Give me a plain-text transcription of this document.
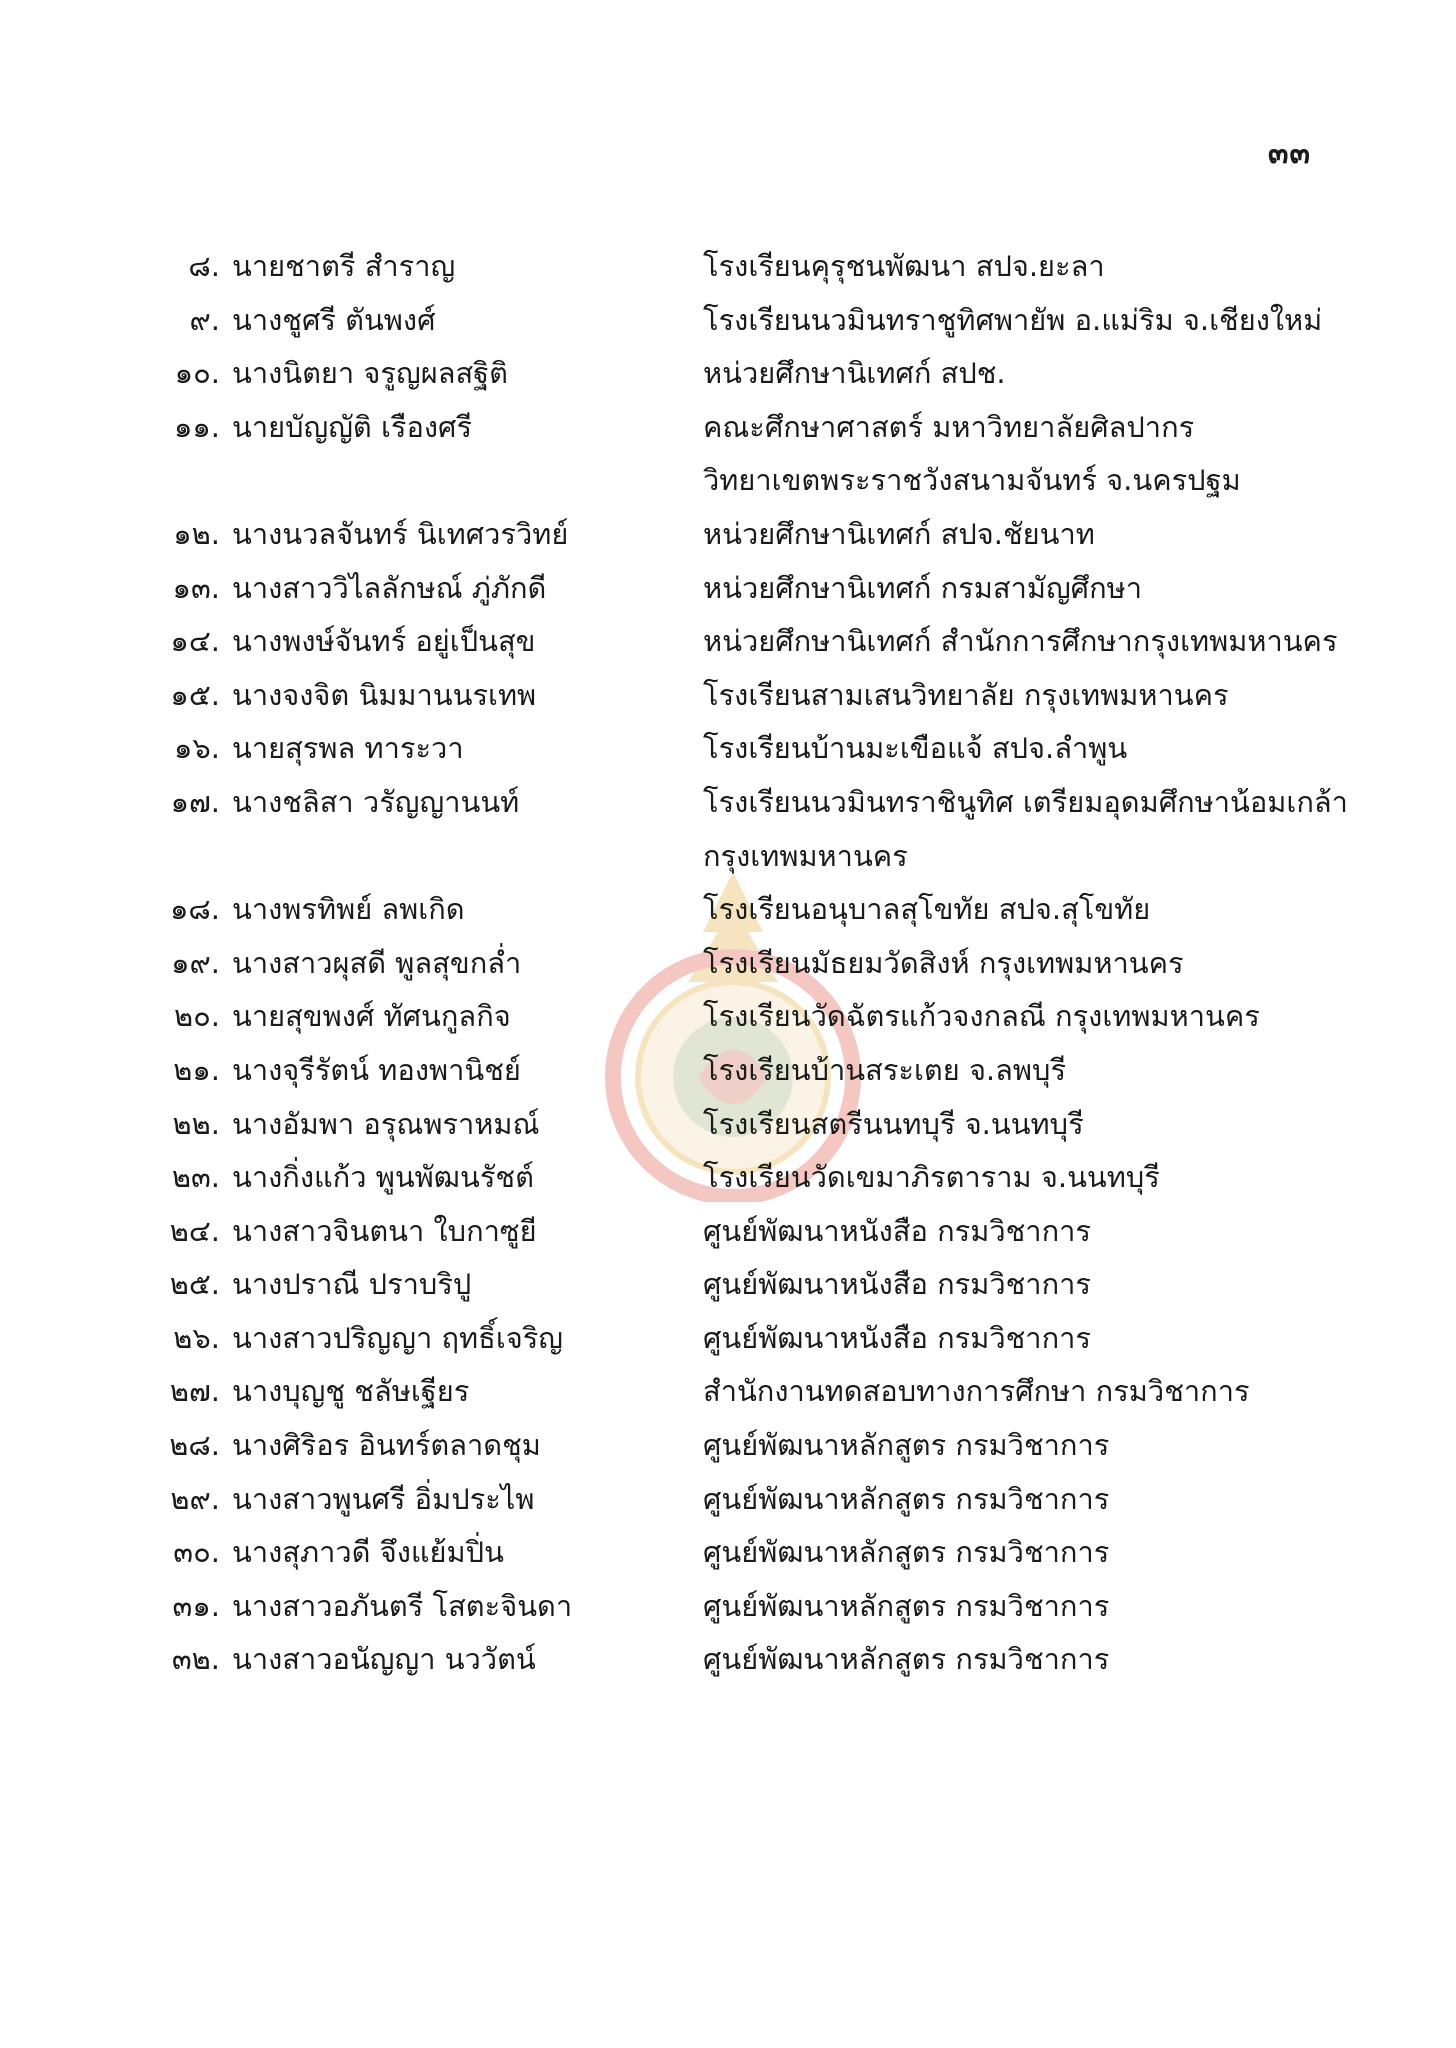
๓๓
๘. นายชาตรี สำราญ	โรงเรียนคุรุชนพัฒนา สปจ.ยะลา
๙. นางชูศรี ตันพงศ์	โรงเรียนนวมินทราชูทิศพายัพ อ.แม่ริม จ.เชียงใหม่
๑๐. นางนิตยา จรูญผลสฐิติ	หน่วยศึกษานิเทศก์ สปช.
๑๑. นายบัญญัติ เรืองศรี	คณะศึกษาศาสตร์ มหาวิทยาลัยศิลปากร
วิทยาเขตพระราชวังสนามจันทร์ จ.นครปฐม
๑๒. นางนวลจันทร์ นิเทศวรวิทย์	หน่วยศึกษานิเทศก์ สปจ.ชัยนาท
๑๓. นางสาววิไลลักษณ์ ภู่ภักดี	หน่วยศึกษานิเทศก์ กรมสามัญศึกษา
๑๔. นางพงษ์จันทร์ อยู่เป็นสุข	หน่วยศึกษานิเทศก์ สำนักการศึกษากรุงเทพมหานคร
๑๕. นางจงจิต นิมมานนรเทพ	โรงเรียนสามเสนวิทยาลัย กรุงเทพมหานคร
๑๖. นายสุรพล ทาระวา	โรงเรียนบ้านมะเขือแจ้ สปจ.ลำพูน
๑๗. นางชลิสา วรัญญานนท์	โรงเรียนนวมินทราชินูทิศ เตรียมอุดมศึกษาน้อมเกล้า
กรุงเทพมหานคร
๑๘. นางพรทิพย์ ลพเกิด	โรงเรียนอนุบาลสุโขทัย สปจ.สุโขทัย
๑๙. นางสาวผุสดี พูลสุขกล่ำ	โรงเรียนมัธยมวัดสิงห์ กรุงเทพมหานคร
๒๐. นายสุขพงศ์ ทัศนกูลกิจ	โรงเรียนวัดฉัตรแก้วจงกลณี กรุงเทพมหานคร
๒๑. นางจุรีรัตน์ ทองพานิชย์	โรงเรียนบ้านสระเตย จ.ลพบุรี
๒๒. นางอัมพา อรุณพราหมณ์	โรงเรียนสตรีนนทบุรี จ.นนทบุรี
๒๓. นางกิ่งแก้ว พูนพัฒนรัชต์	โรงเรียนวัดเขมาภิรตาราม จ.นนทบุรี
๒๔. นางสาวจินตนา ใบกาซูยี	ศูนย์พัฒนาหนังสือ กรมวิชาการ
๒๕. นางปราณี ปราบริปู	ศูนย์พัฒนาหนังสือ กรมวิชาการ
๒๖. นางสาวปริญญา ฤทธิ์เจริญ	ศูนย์พัฒนาหนังสือ กรมวิชาการ
๒๗. นางบุญชู ชลัษเฐียร	สำนักงานทดสอบทางการศึกษา กรมวิชาการ
๒๘. นางศิริอร อินทร์ตลาดชุม	ศูนย์พัฒนาหลักสูตร กรมวิชาการ
๒๙. นางสาวพูนศรี อิ่มประไพ	ศูนย์พัฒนาหลักสูตร กรมวิชาการ
๓๐. นางสุภาวดี จึงแย้มปิ่น	ศูนย์พัฒนาหลักสูตร กรมวิชาการ
๓๑. นางสาวอภันตรี โสตะจินดา	ศูนย์พัฒนาหลักสูตร กรมวิชาการ
๓๒. นางสาวอนัญญา นววัตน์	ศูนย์พัฒนาหลักสูตร กรมวิชาการ
